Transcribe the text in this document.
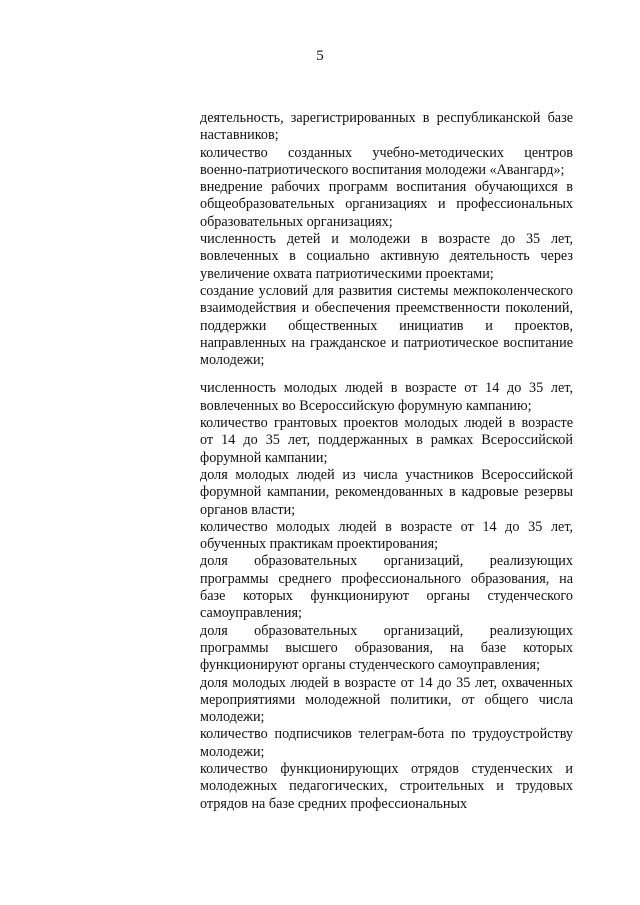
5
деятельность, зарегистрированных в республиканской базе наставников;
количество созданных учебно-методических центров военно-патриотического воспитания молодежи «Авангард»;
внедрение рабочих программ воспитания обучающихся в общеобразовательных организациях и профессиональных образовательных организациях;
численность детей и молодежи в возрасте до 35 лет, вовлеченных в социально активную деятельность через увеличение охвата патриотическими проектами;
создание условий для развития системы межпоколенческого взаимодействия и обеспечения преемственности поколений, поддержки общественных инициатив и проектов, направленных на гражданское и патриотическое воспитание молодежи;
численность молодых людей в возрасте от 14 до 35 лет, вовлеченных во Всероссийскую форумную кампанию;
количество грантовых проектов молодых людей в возрасте от 14 до 35 лет, поддержанных в рамках Всероссийской форумной кампании;
доля молодых людей из числа участников Всероссийской форумной кампании, рекомендованных в кадровые резервы органов власти;
количество молодых людей в возрасте от 14 до 35 лет, обученных практикам проектирования;
доля образовательных организаций, реализующих программы среднего профессионального образования, на базе которых функционируют органы студенческого самоуправления;
доля образовательных организаций, реализующих программы высшего образования, на базе которых функционируют органы студенческого самоуправления;
доля молодых людей в возрасте от 14 до 35 лет, охваченных мероприятиями молодежной политики, от общего числа молодежи;
количество подписчиков телеграм-бота по трудоустройству молодежи;
количество функционирующих отрядов студенческих и молодежных педагогических, строительных и трудовых отрядов на базе средних профессиональных
